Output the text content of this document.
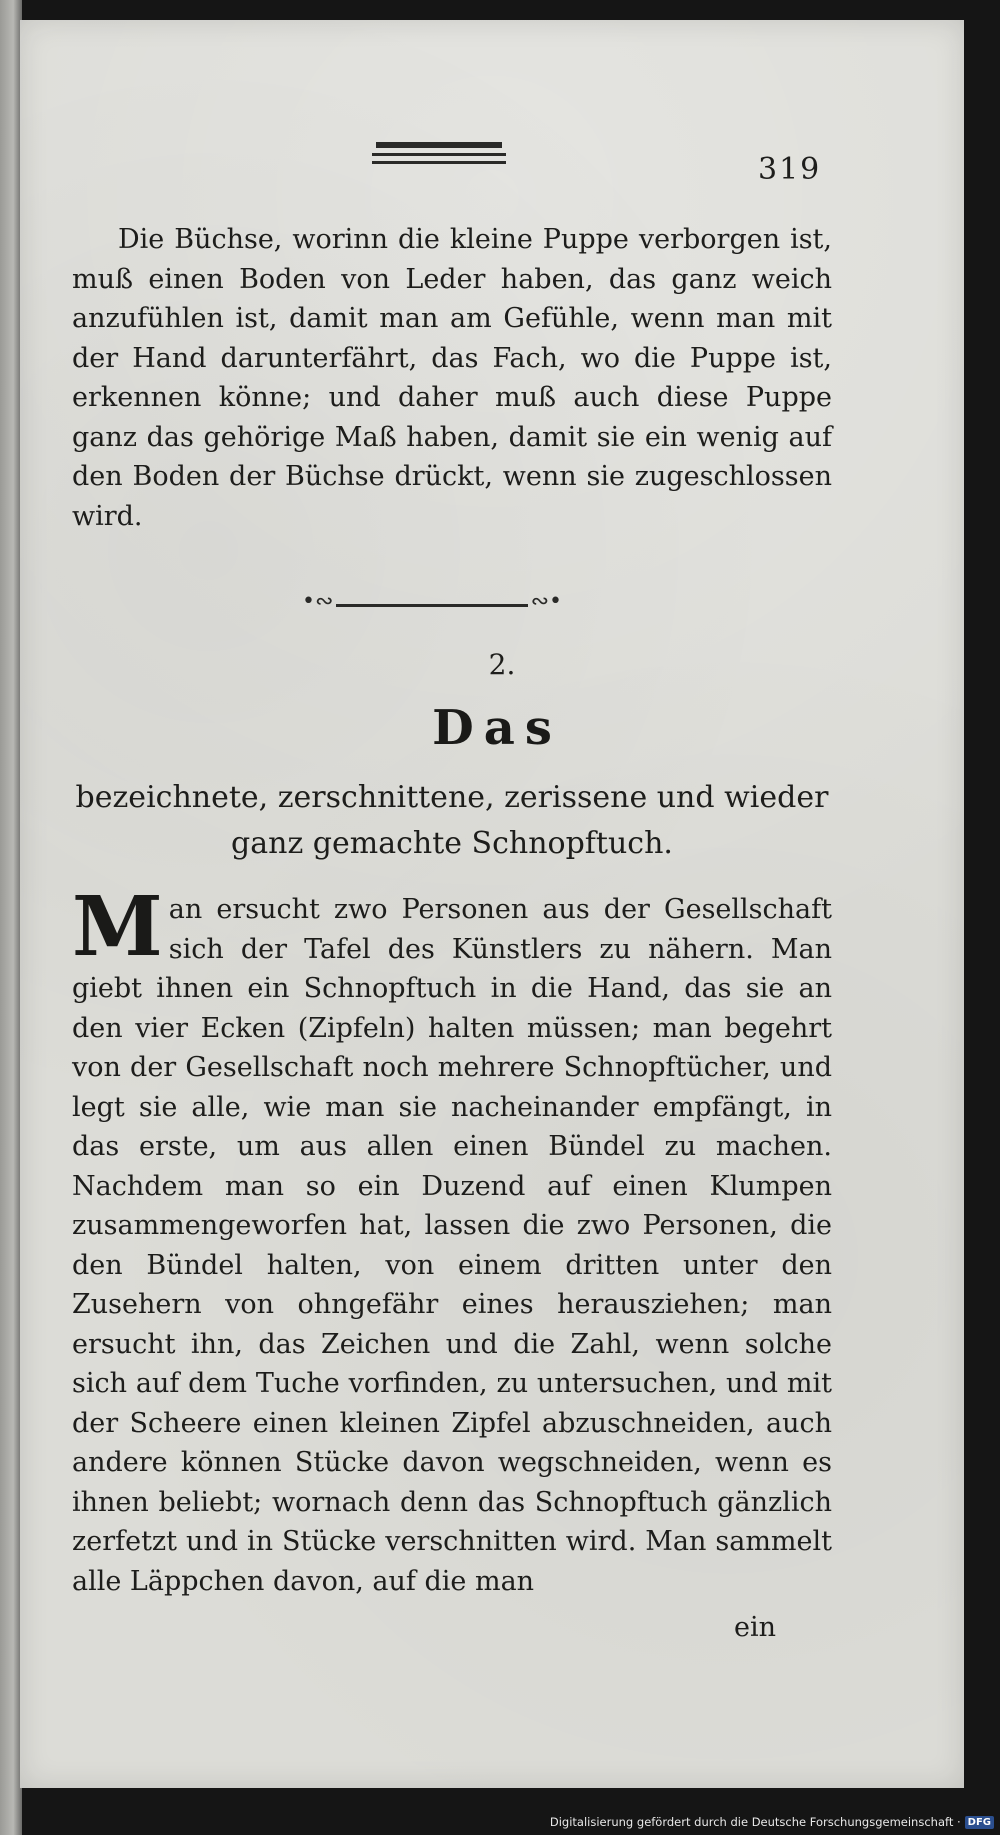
319
Die Büchse, worinn die kleine Puppe verborgen ist, muß einen Boden von Leder haben, das ganz weich anzufühlen ist, damit man am Gefühle, wenn man mit der Hand darunterfährt, das Fach, wo die Puppe ist, erkennen könne; und daher muß auch diese Puppe ganz das gehörige Maß haben, damit sie ein wenig auf den Boden der Büchse drückt, wenn sie zugeschlossen wird.
•∾	∾•
2.
Das
bezeichnete, zerschnittene, zerissene und wieder
ganz gemachte Schnopftuch.
Man ersucht zwo Personen aus der Gesellschaft sich der Tafel des Künstlers zu nähern. Man giebt ihnen ein Schnopftuch in die Hand, das sie an den vier Ecken (Zipfeln) halten müssen; man begehrt von der Gesellschaft noch mehrere Schnopftücher, und legt sie alle, wie man sie nacheinander empfängt, in das erste, um aus allen einen Bündel zu machen. Nachdem man so ein Duzend auf einen Klumpen zusammengeworfen hat, lassen die zwo Personen, die den Bündel halten, von einem dritten unter den Zusehern von ohngefähr eines herausziehen; man ersucht ihn, das Zeichen und die Zahl, wenn solche sich auf dem Tuche vorfinden, zu untersuchen, und mit der Scheere einen kleinen Zipfel abzuschneiden, auch andere können Stücke davon wegschneiden, wenn es ihnen beliebt; wornach denn das Schnopftuch gänzlich zerfetzt und in Stücke verschnitten wird. Man sammelt alle Läppchen davon, auf die man
ein
Digitalisierung gefördert durch die Deutsche Forschungsgemeinschaft · DFG
